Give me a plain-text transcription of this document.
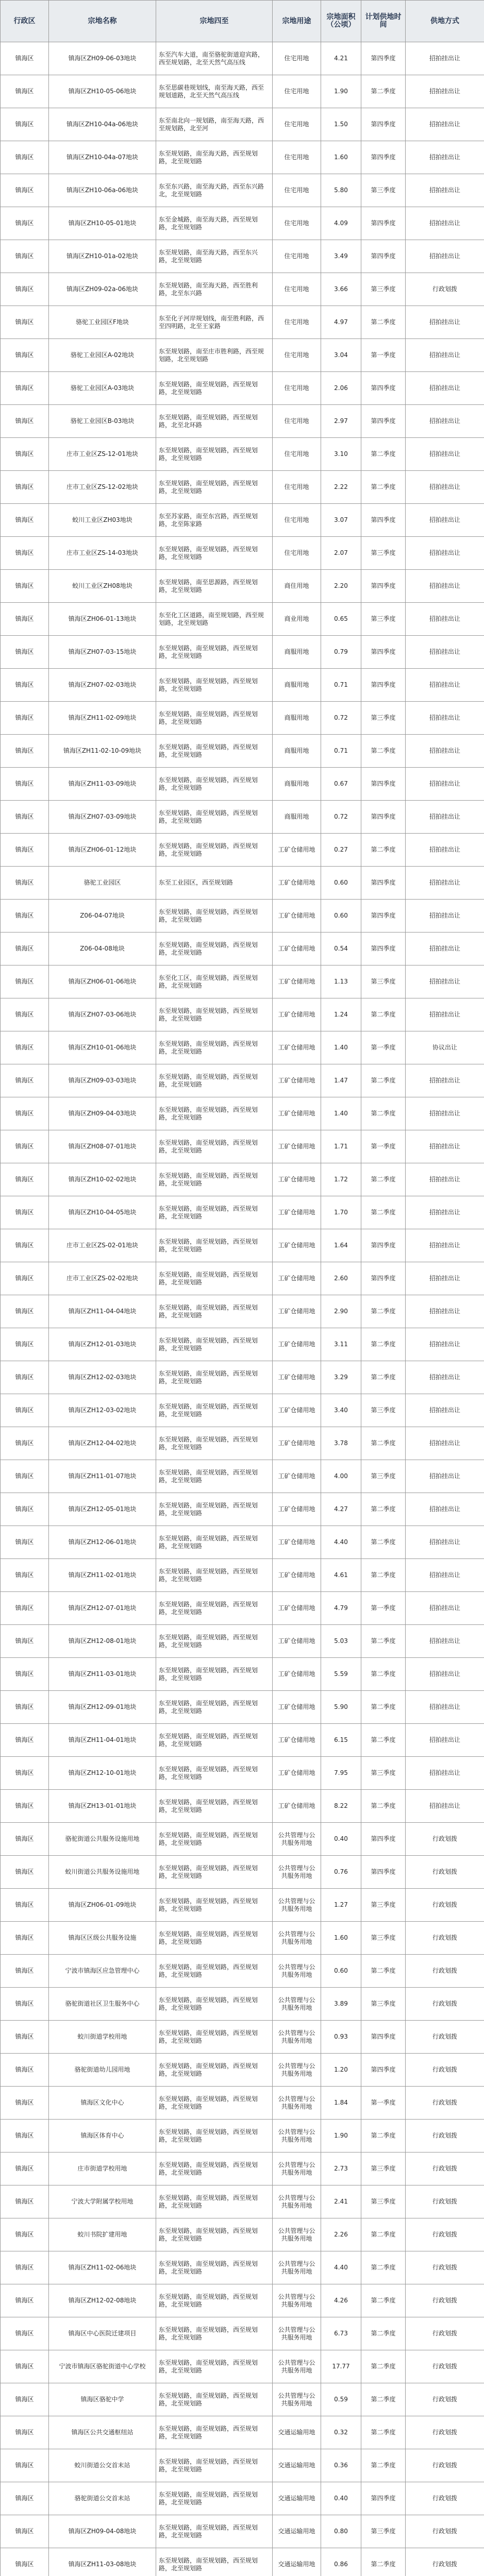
行政区	宗地名称	宗地四至	宗地用途	宗地面积（公顷）	计划供地时间	供地方式
镇海区	镇海区ZH09-06-03地块	东至汽车大道，南至骆驼街道迎宾路，西至规划路，北至天然气高压线	住宅用地	4.21	第四季度	招拍挂出让
镇海区	镇海区ZH10-05-06地块	东至思碳巷规划线，南至海天路，西至规划道路，北至天然气高压线	住宅用地	1.90	第二季度	招拍挂出让
镇海区	镇海区ZH10-04a-06地块	东至南北向一规划路，南至海天路，西至规划路，北至河	住宅用地	1.50	第四季度	招拍挂出让
镇海区	镇海区ZH10-04a-07地块	东至规划路，南至海天路，西至规划路，北至规划路	住宅用地	1.60	第四季度	招拍挂出让
镇海区	镇海区ZH10-06a-06地块	东至东兴路，南至海天路，西至东兴路北，北至规划路	住宅用地	5.80	第三季度	招拍挂出让
镇海区	镇海区ZH10-05-01地块	东至金城路，南至海天路，西至规划路，北至规划路	住宅用地	4.09	第四季度	招拍挂出让
镇海区	镇海区ZH10-01a-02地块	东至规划路，南至海天路，西至东兴路，北至规划路	住宅用地	3.49	第四季度	招拍挂出让
镇海区	镇海区ZH09-02a-06地块	东至规划路，南至海天路，西至胜利路，北至东兴路	住宅用地	3.66	第三季度	行政划拨
镇海区	骆驼工业园区F地块	东至化子河岸规划线，南至胜利路，西至四明路，北至王家路	住宅用地	4.97	第二季度	招拍挂出让
镇海区	骆驼工业园区A-02地块	东至规划路，南至庄市胜利路，西至规划路，北至规划路	住宅用地	3.04	第一季度	招拍挂出让
镇海区	骆驼工业园区A-03地块	东至规划路，南至规划路，西至规划路，北至规划路	住宅用地	2.06	第四季度	招拍挂出让
镇海区	骆驼工业园区B-03地块	东至规划路，南至规划路，西至规划路，北至北环路	住宅用地	2.97	第四季度	招拍挂出让
镇海区	庄市工业区ZS-12-01地块	东至规划路，南至规划路，西至规划路，北至规划路	住宅用地	3.10	第二季度	招拍挂出让
镇海区	庄市工业区ZS-12-02地块	东至规划路，南至规划路，西至规划路，北至规划路	住宅用地	2.22	第二季度	招拍挂出让
镇海区	蛟川工业区ZH03地块	东至苏家路，南至东宫路，西至规划路，北至陈家路	住宅用地	3.07	第四季度	招拍挂出让
镇海区	庄市工业区ZS-14-03地块	东至规划路，南至规划路，西至规划路，北至规划路	住宅用地	2.07	第三季度	招拍挂出让
镇海区	蛟川工业区ZH08地块	东至规划路，南至思源路，西至规划路，北至规划路	商住用地	2.20	第四季度	招拍挂出让
镇海区	镇海区ZH06-01-13地块	东至化工区道路，南至规划路，西至规划路，北至规划路	商业用地	0.65	第三季度	招拍挂出让
镇海区	镇海区ZH07-03-15地块	东至规划路，南至规划路，西至规划路，北至规划路	商服用地	0.79	第四季度	招拍挂出让
镇海区	镇海区ZH07-02-03地块	东至规划路，南至规划路，西至规划路，北至规划路	商服用地	0.71	第四季度	招拍挂出让
镇海区	镇海区ZH11-02-09地块	东至规划路，南至规划路，西至规划路，北至规划路	商服用地	0.72	第三季度	招拍挂出让
镇海区	镇海区ZH11-02-10-09地块	东至规划路，南至规划路，西至规划路，北至规划路	商服用地	0.71	第二季度	招拍挂出让
镇海区	镇海区ZH11-03-09地块	东至规划路，南至规划路，西至规划路，北至规划路	商服用地	0.67	第四季度	招拍挂出让
镇海区	镇海区ZH07-03-09地块	东至规划路，南至规划路，西至规划路，北至规划路	商服用地	0.72	第四季度	招拍挂出让
镇海区	镇海区ZH06-01-12地块	东至规划路，南至规划路，西至规划路，北至规划路	工矿仓储用地	0.27	第二季度	招拍挂出让
镇海区	骆驼工业园区	东至工业园区，西至规划路	工矿仓储用地	0.60	第四季度	招拍挂出让
镇海区	Z06-04-07地块	东至规划路，南至规划路，西至规划路，北至规划路	工矿仓储用地	0.60	第四季度	招拍挂出让
镇海区	Z06-04-08地块	东至规划路，南至规划路，西至规划路，北至规划路	工矿仓储用地	0.54	第四季度	招拍挂出让
镇海区	镇海区ZH06-01-06地块	东至化工区，南至规划路，西至规划路，北至规划路	工矿仓储用地	1.13	第三季度	招拍挂出让
镇海区	镇海区ZH07-03-06地块	东至规划路，南至规划路，西至规划路，北至规划路	工矿仓储用地	1.24	第二季度	招拍挂出让
镇海区	镇海区ZH10-01-06地块	东至规划路，南至规划路，西至规划路，北至规划路	工矿仓储用地	1.40	第一季度	协议出让
镇海区	镇海区ZH09-03-03地块	东至规划路，南至规划路，西至规划路，北至规划路	工矿仓储用地	1.47	第二季度	招拍挂出让
镇海区	镇海区ZH09-04-03地块	东至规划路，南至规划路，西至规划路，北至规划路	工矿仓储用地	1.40	第二季度	招拍挂出让
镇海区	镇海区ZH08-07-01地块	东至规划路，南至规划路，西至规划路，北至规划路	工矿仓储用地	1.71	第一季度	招拍挂出让
镇海区	镇海区ZH10-02-02地块	东至规划路，南至规划路，西至规划路，北至规划路	工矿仓储用地	1.72	第二季度	招拍挂出让
镇海区	镇海区ZH10-04-05地块	东至规划路，南至规划路，西至规划路，北至规划路	工矿仓储用地	1.70	第二季度	招拍挂出让
镇海区	庄市工业区ZS-02-01地块	东至规划路，南至规划路，西至规划路，北至规划路	工矿仓储用地	1.64	第四季度	招拍挂出让
镇海区	庄市工业区ZS-02-02地块	东至规划路，南至规划路，西至规划路，北至规划路	工矿仓储用地	2.60	第四季度	招拍挂出让
镇海区	镇海区ZH11-04-04地块	东至规划路，南至规划路，西至规划路，北至规划路	工矿仓储用地	2.90	第二季度	招拍挂出让
镇海区	镇海区ZH12-01-03地块	东至规划路，南至规划路，西至规划路，北至规划路	工矿仓储用地	3.11	第二季度	招拍挂出让
镇海区	镇海区ZH12-02-03地块	东至规划路，南至规划路，西至规划路，北至规划路	工矿仓储用地	3.29	第二季度	招拍挂出让
镇海区	镇海区ZH12-03-02地块	东至规划路，南至规划路，西至规划路，北至规划路	工矿仓储用地	3.40	第三季度	招拍挂出让
镇海区	镇海区ZH12-04-02地块	东至规划路，南至规划路，西至规划路，北至规划路	工矿仓储用地	3.78	第二季度	招拍挂出让
镇海区	镇海区ZH11-01-07地块	东至规划路，南至规划路，西至规划路，北至规划路	工矿仓储用地	4.00	第三季度	招拍挂出让
镇海区	镇海区ZH12-05-01地块	东至规划路，南至规划路，西至规划路，北至规划路	工矿仓储用地	4.27	第二季度	招拍挂出让
镇海区	镇海区ZH12-06-01地块	东至规划路，南至规划路，西至规划路，北至规划路	工矿仓储用地	4.40	第二季度	招拍挂出让
镇海区	镇海区ZH11-02-01地块	东至规划路，南至规划路，西至规划路，北至规划路	工矿仓储用地	4.61	第二季度	招拍挂出让
镇海区	镇海区ZH12-07-01地块	东至规划路，南至规划路，西至规划路，北至规划路	工矿仓储用地	4.79	第一季度	招拍挂出让
镇海区	镇海区ZH12-08-01地块	东至规划路，南至规划路，西至规划路，北至规划路	工矿仓储用地	5.03	第二季度	招拍挂出让
镇海区	镇海区ZH11-03-01地块	东至规划路，南至规划路，西至规划路，北至规划路	工矿仓储用地	5.59	第二季度	招拍挂出让
镇海区	镇海区ZH12-09-01地块	东至规划路，南至规划路，西至规划路，北至规划路	工矿仓储用地	5.90	第二季度	招拍挂出让
镇海区	镇海区ZH11-04-01地块	东至规划路，南至规划路，西至规划路，北至规划路	工矿仓储用地	6.15	第二季度	招拍挂出让
镇海区	镇海区ZH12-10-01地块	东至规划路，南至规划路，西至规划路，北至规划路	工矿仓储用地	7.95	第三季度	招拍挂出让
镇海区	镇海区ZH13-01-01地块	东至规划路，南至规划路，西至规划路，北至规划路	工矿仓储用地	8.22	第二季度	招拍挂出让
镇海区	骆驼街道公共服务设施用地	东至规划路，南至规划路，西至规划路，北至规划路	公共管理与公共服务用地	0.40	第四季度	行政划拨
镇海区	蛟川街道公共服务设施用地	东至规划路，南至规划路，西至规划路，北至规划路	公共管理与公共服务用地	0.76	第四季度	行政划拨
镇海区	镇海区ZH06-01-09地块	东至规划路，南至规划路，西至规划路，北至规划路	公共管理与公共服务用地	1.27	第三季度	行政划拨
镇海区	镇海区区级公共服务设施	东至规划路，南至规划路，西至规划路，北至规划路	公共管理与公共服务用地	1.60	第三季度	行政划拨
镇海区	宁波市镇海区应急管理中心	东至规划路，南至规划路，西至规划路，北至规划路	公共管理与公共服务用地	0.60	第二季度	行政划拨
镇海区	骆驼街道社区卫生服务中心	东至规划路，南至规划路，西至规划路，北至规划路	公共管理与公共服务用地	3.89	第三季度	行政划拨
镇海区	蛟川街道学校用地	东至规划路，南至规划路，西至规划路，北至规划路	公共管理与公共服务用地	0.93	第四季度	行政划拨
镇海区	骆驼街道幼儿园用地	东至规划路，南至规划路，西至规划路，北至规划路	公共管理与公共服务用地	1.20	第四季度	行政划拨
镇海区	镇海区文化中心	东至规划路，南至规划路，西至规划路，北至规划路	公共管理与公共服务用地	1.84	第一季度	行政划拨
镇海区	镇海区体育中心	东至规划路，南至规划路，西至规划路，北至规划路	公共管理与公共服务用地	1.90	第二季度	行政划拨
镇海区	庄市街道学校用地	东至规划路，南至规划路，西至规划路，北至规划路	公共管理与公共服务用地	2.73	第三季度	行政划拨
镇海区	宁波大学附属学校用地	东至规划路，南至规划路，西至规划路，北至规划路	公共管理与公共服务用地	2.41	第三季度	行政划拨
镇海区	蛟川书院扩建用地	东至规划路，南至规划路，西至规划路，北至规划路	公共管理与公共服务用地	2.26	第二季度	行政划拨
镇海区	镇海区ZH11-02-06地块	东至规划路，南至规划路，西至规划路，北至规划路	公共管理与公共服务用地	4.40	第二季度	行政划拨
镇海区	镇海区ZH12-02-08地块	东至规划路，南至规划路，西至规划路，北至规划路	公共管理与公共服务用地	4.26	第二季度	行政划拨
镇海区	镇海区中心医院迁建项目	东至规划路，南至规划路，西至规划路，北至规划路	公共管理与公共服务用地	6.73	第二季度	行政划拨
镇海区	宁波市镇海区骆驼街道中心学校	东至规划路，南至规划路，西至规划路，北至规划路	公共管理与公共服务用地	17.77	第二季度	行政划拨
镇海区	镇海区骆驼中学	东至规划路，南至规划路，西至规划路，北至规划路	公共管理与公共服务用地	0.59	第二季度	行政划拨
镇海区	镇海区公共交通枢纽站	东至规划路，南至规划路，西至规划路，北至规划路	交通运输用地	0.32	第二季度	行政划拨
镇海区	蛟川街道公交首末站	东至规划路，南至规划路，西至规划路，北至规划路	交通运输用地	0.36	第二季度	行政划拨
镇海区	骆驼街道公交首末站	东至规划路，南至规划路，西至规划路，北至规划路	交通运输用地	0.40	第四季度	行政划拨
镇海区	镇海区ZH09-04-08地块	东至规划路，南至规划路，西至规划路，北至规划路	交通运输用地	0.80	第三季度	行政划拨
镇海区	镇海区ZH11-03-08地块	东至规划路，南至规划路，西至规划路，北至规划路	交通运输用地	0.86	第二季度	行政划拨
